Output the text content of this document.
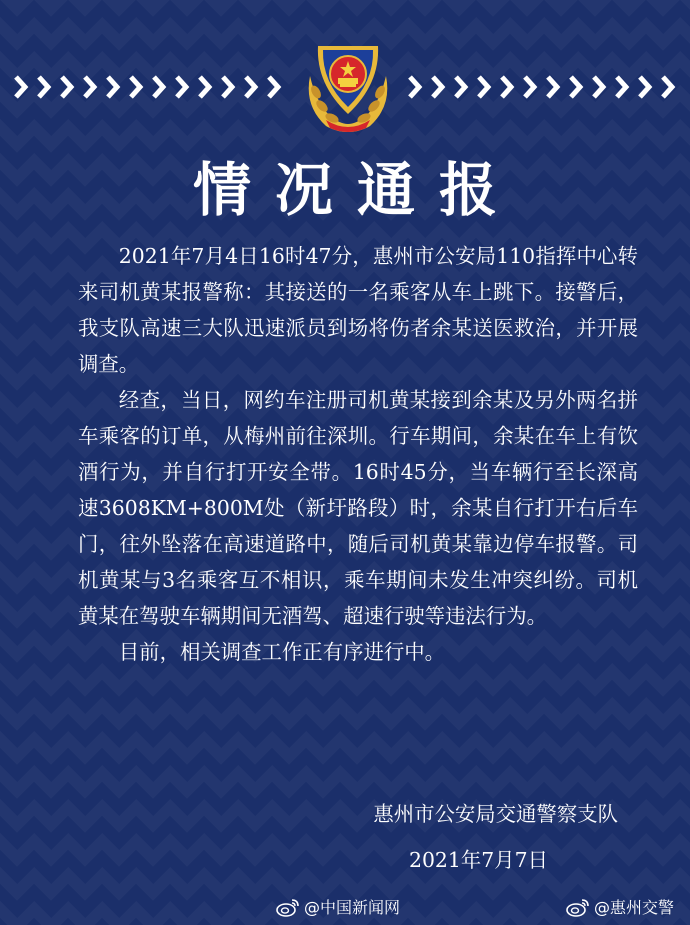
情况通报

2021年7月4日16时47分，惠州市公安局110指挥中心转来司机黄某报警称：其接送的一名乘客从车上跳下。接警后，我支队高速三大队迅速派员到场将伤者余某送医救治，并开展调查。

经查，当日，网约车注册司机黄某接到余某及另外两名拼车乘客的订单，从梅州前往深圳。行车期间，余某在车上有饮酒行为，并自行打开安全带。16时45分，当车辆行至长深高速3608KM+800M处（新圩路段）时，余某自行打开右后车门，往外坠落在高速道路中，随后司机黄某靠边停车报警。司机黄某与3名乘客互不相识，乘车期间未发生冲突纠纷。司机黄某在驾驶车辆期间无酒驾、超速行驶等违法行为。

目前，相关调查工作正有序进行中。

惠州市公安局交通警察支队
2021年7月7日
@中国新闻网	@惠州交警
